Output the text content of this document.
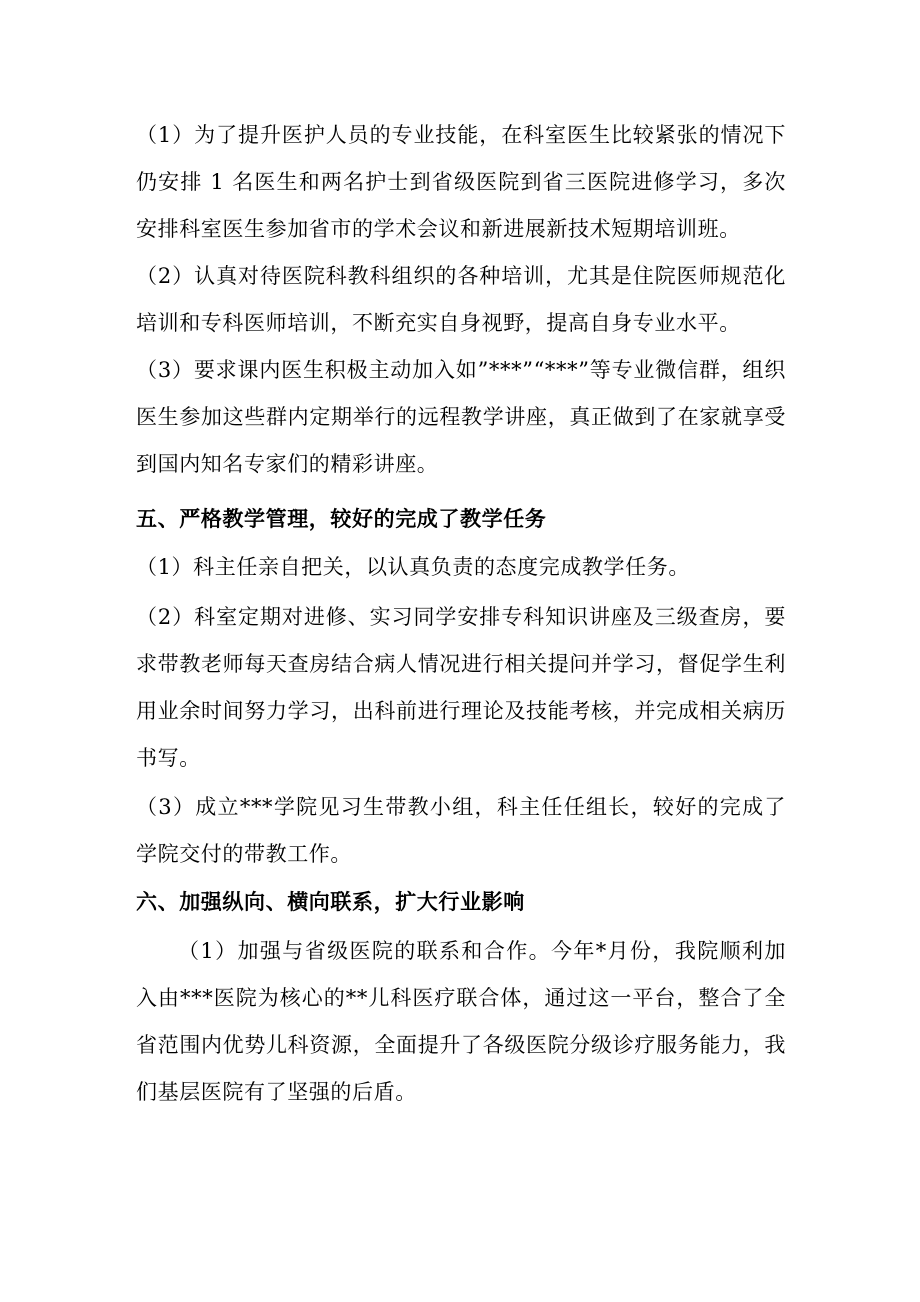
（1）为了提升医护人员的专业技能，在科室医生比较紧张的情况下仍安排 1 名医生和两名护士到省级医院到省三医院进修学习，多次安排科室医生参加省市的学术会议和新进展新技术短期培训班。

（2）认真对待医院科教科组织的各种培训，尤其是住院医师规范化培训和专科医师培训，不断充实自身视野，提高自身专业水平。

（3）要求课内医生积极主动加入如”***”“***”等专业微信群，组织医生参加这些群内定期举行的远程教学讲座，真正做到了在家就享受到国内知名专家们的精彩讲座。

五、严格教学管理，较好的完成了教学任务

（1）科主任亲自把关，以认真负责的态度完成教学任务。

（2）科室定期对进修、实习同学安排专科知识讲座及三级查房，要求带教老师每天查房结合病人情况进行相关提问并学习，督促学生利用业余时间努力学习，出科前进行理论及技能考核，并完成相关病历书写。

（3）成立***学院见习生带教小组，科主任任组长，较好的完成了学院交付的带教工作。

六、加强纵向、横向联系，扩大行业影响

（1）加强与省级医院的联系和合作。今年*月份，我院顺利加入由***医院为核心的**儿科医疗联合体，通过这一平台，整合了全省范围内优势儿科资源，全面提升了各级医院分级诊疗服务能力，我们基层医院有了坚强的后盾。
